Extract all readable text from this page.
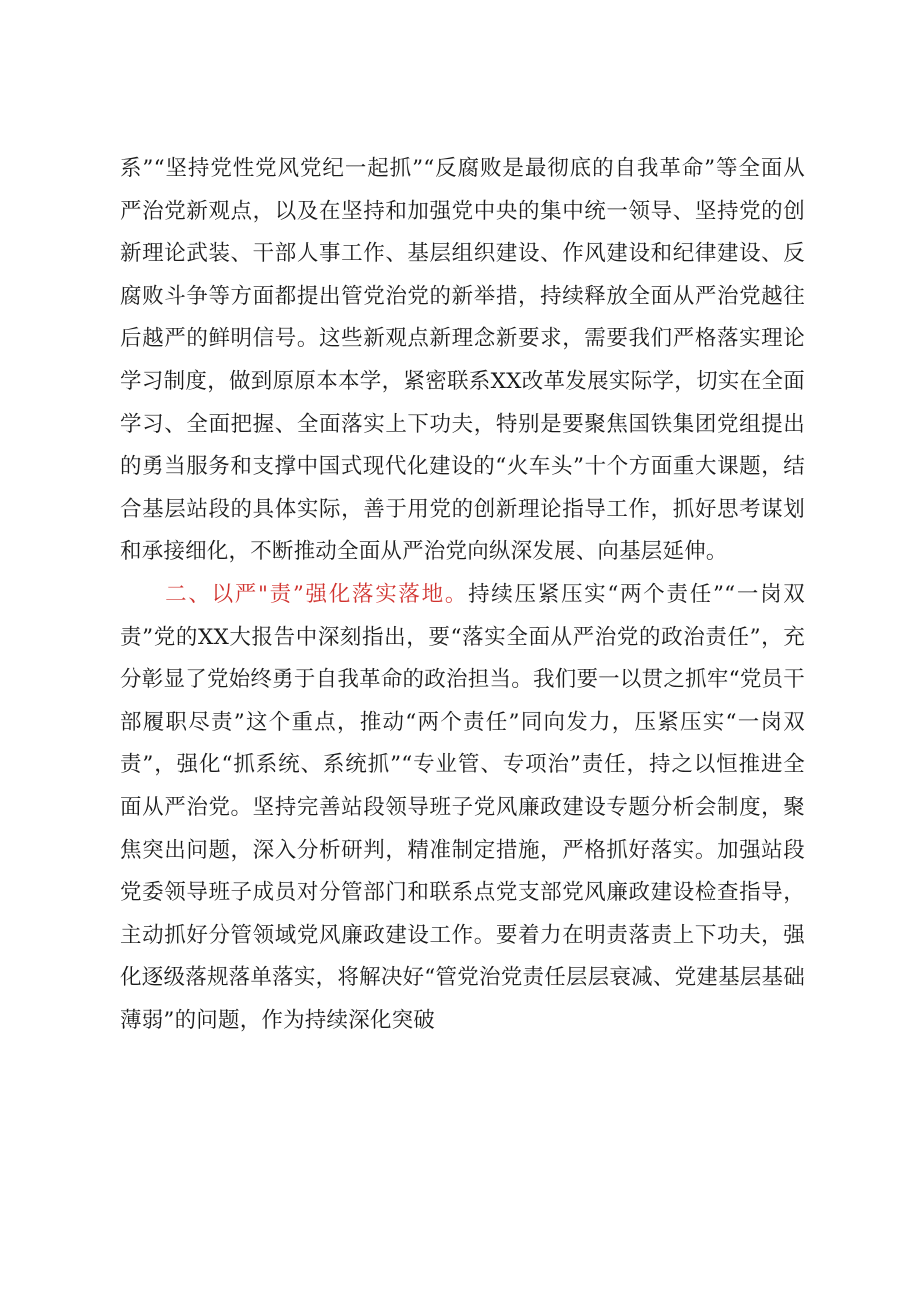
系”“坚持党性党风党纪一起抓”“反腐败是最彻底的自我革命”等全面从严治党新观点，以及在坚持和加强党中央的集中统一领导、坚持党的创新理论武装、干部人事工作、基层组织建设、作风建设和纪律建设、反腐败斗争等方面都提出管党治党的新举措，持续释放全面从严治党越往后越严的鲜明信号。这些新观点新理念新要求，需要我们严格落实理论学习制度，做到原原本本学，紧密联系XX改革发展实际学，切实在全面学习、全面把握、全面落实上下功夫，特别是要聚焦国铁集团党组提出的勇当服务和支撑中国式现代化建设的“火车头”十个方面重大课题，结合基层站段的具体实际，善于用党的创新理论指导工作，抓好思考谋划和承接细化，不断推动全面从严治党向纵深发展、向基层延伸。

二、以严"责”强化落实落地。持续压紧压实“两个责任”“一岗双责”党的XX大报告中深刻指出，要“落实全面从严治党的政治责任”，充分彰显了党始终勇于自我革命的政治担当。我们要一以贯之抓牢“党员干部履职尽责”这个重点，推动“两个责任”同向发力，压紧压实“一岗双责”，强化“抓系统、系统抓”“专业管、专项治”责任，持之以恒推进全面从严治党。坚持完善站段领导班子党风廉政建设专题分析会制度，聚焦突出问题，深入分析研判，精准制定措施，严格抓好落实。加强站段党委领导班子成员对分管部门和联系点党支部党风廉政建设检查指导，主动抓好分管领域党风廉政建设工作。要着力在明责落责上下功夫，强化逐级落规落单落实，将解决好“管党治党责任层层衰减、党建基层基础薄弱”的问题，作为持续深化突破
